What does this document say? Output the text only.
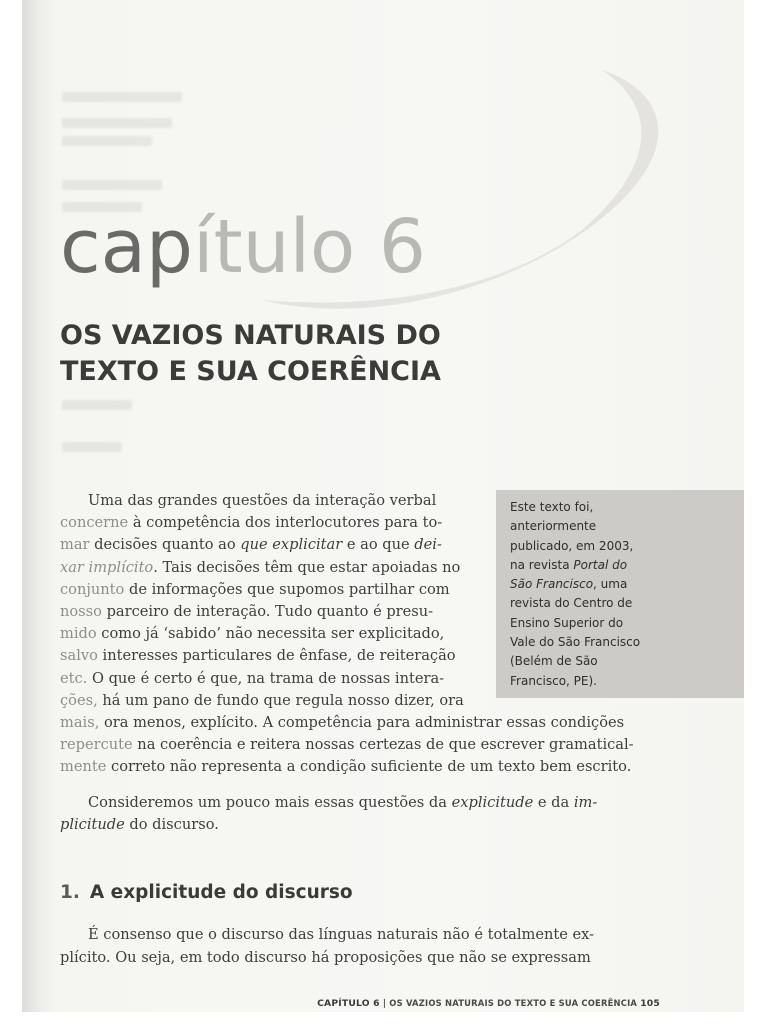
capítulo 6
OS VAZIOS NATURAIS DO
TEXTO E SUA COERÊNCIA
Uma das grandes questões da interação verbal
concerne à competência dos interlocutores para to-
mar decisões quanto ao que explicitar e ao que dei-
xar implícito. Tais decisões têm que estar apoiadas no
conjunto de informações que supomos partilhar com
nosso parceiro de interação. Tudo quanto é presu-
mido como já ‘sabido’ não necessita ser explicitado,
salvo interesses particulares de ênfase, de reiteração
etc. O que é certo é que, na trama de nossas intera-
ções, há um pano de fundo que regula nosso dizer, ora
mais, ora menos, explícito. A competência para administrar essas condições
repercute na coerência e reitera nossas certezas de que escrever gramatical-
mente correto não representa a condição suficiente de um texto bem escrito.
Este texto foi,
anteriormente
publicado, em 2003,
na revista Portal do
São Francisco, uma
revista do Centro de
Ensino Superior do
Vale do São Francisco
(Belém de São
Francisco, PE).
Consideremos um pouco mais essas questões da explicitude e da im-
plicitude do discurso.
1. A explicitude do discurso
É consenso que o discurso das línguas naturais não é totalmente ex-
plícito. Ou seja, em todo discurso há proposições que não se expressam
CAPÍTULO 6 | OS VAZIOS NATURAIS DO TEXTO E SUA COERÊNCIA 105
